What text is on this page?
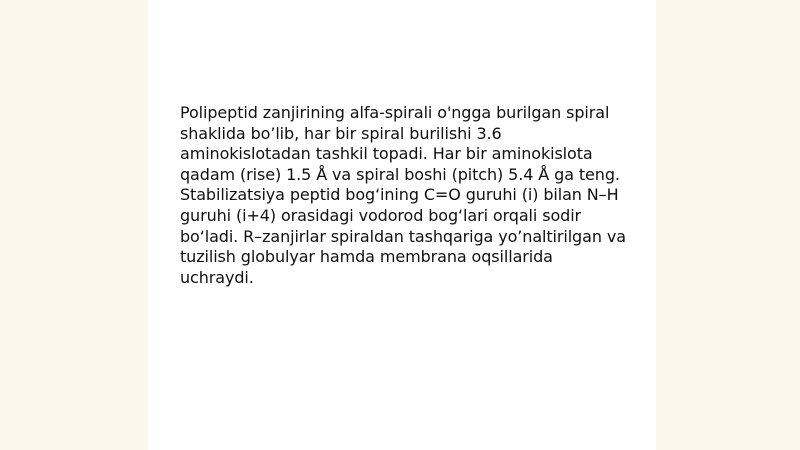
Polipeptid zanjirining alfa-spirali o'ngga burilgan spiral shaklida bo’lib, har bir spiral burilishi 3.6 aminokislotadan tashkil topadi. Har bir aminokislota qadam (rise) 1.5 Å va spiral boshi (pitch) 5.4 Å ga teng. Stabilizatsiya peptid bog‘ining C=O guruhi (i) bilan N–H guruhi (i+4) orasidagi vodorod bog‘lari orqali sodir bo‘ladi. R–zanjirlar spiraldan tashqariga yo’naltirilgan va tuzilish globulyar hamda membrana oqsillarida uchraydi.
